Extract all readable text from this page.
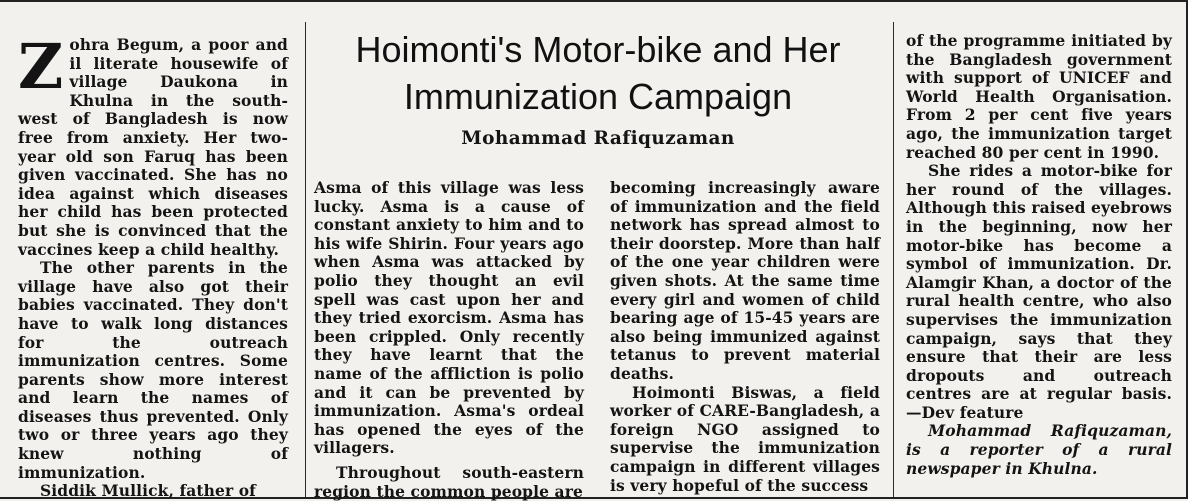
Hoimonti's Motor-bike and Her
Immunization Campaign
Mohammad Rafiquzaman

Zohra Begum, a poor and il literate housewife of village Daukona in Khulna in the south-west of Bangladesh is now free from anxiety. Her two-year old son Faruq has been given vaccinated. She has no idea against which diseases her child has been protected but she is convinced that the vaccines keep a child healthy.

The other parents in the village have also got their babies vaccinated. They don't have to walk long distances for the outreach immunization centres. Some parents show more interest and learn the names of diseases thus prevented. Only two or three years ago they knew nothing of immunization.

Siddik Mullick, father of

Asma of this village was less lucky. Asma is a cause of constant anxiety to him and to his wife Shirin. Four years ago when Asma was attacked by polio they thought an evil spell was cast upon her and they tried exorcism. Asma has been crippled. Only recently they have learnt that the name of the affliction is polio and it can be prevented by immunization. Asma's ordeal has opened the eyes of the villagers.

Throughout south-eastern region the common people are

becoming increasingly aware of immunization and the field network has spread almost to their doorstep. More than half of the one year children were given shots. At the same time every girl and women of child bearing age of 15-45 years are also being immunized against tetanus to prevent material deaths.

Hoimonti Biswas, a field worker of CARE-Bangladesh, a foreign NGO assigned to supervise the immunization campaign in different villages is very hopeful of the success

of the programme initiated by the Bangladesh government with support of UNICEF and World Health Organisation. From 2 per cent five years ago, the immunization target reached 80 per cent in 1990.

She rides a motor-bike for her round of the villages. Although this raised eyebrows in the beginning, now her motor-bike has become a symbol of immunization. Dr. Alamgir Khan, a doctor of the rural health centre, who also supervises the immunization campaign, says that they ensure that their are less dropouts and outreach centres are at regular basis. —Dev feature

Mohammad Rafiquzaman, is a reporter of a rural newspaper in Khulna.
